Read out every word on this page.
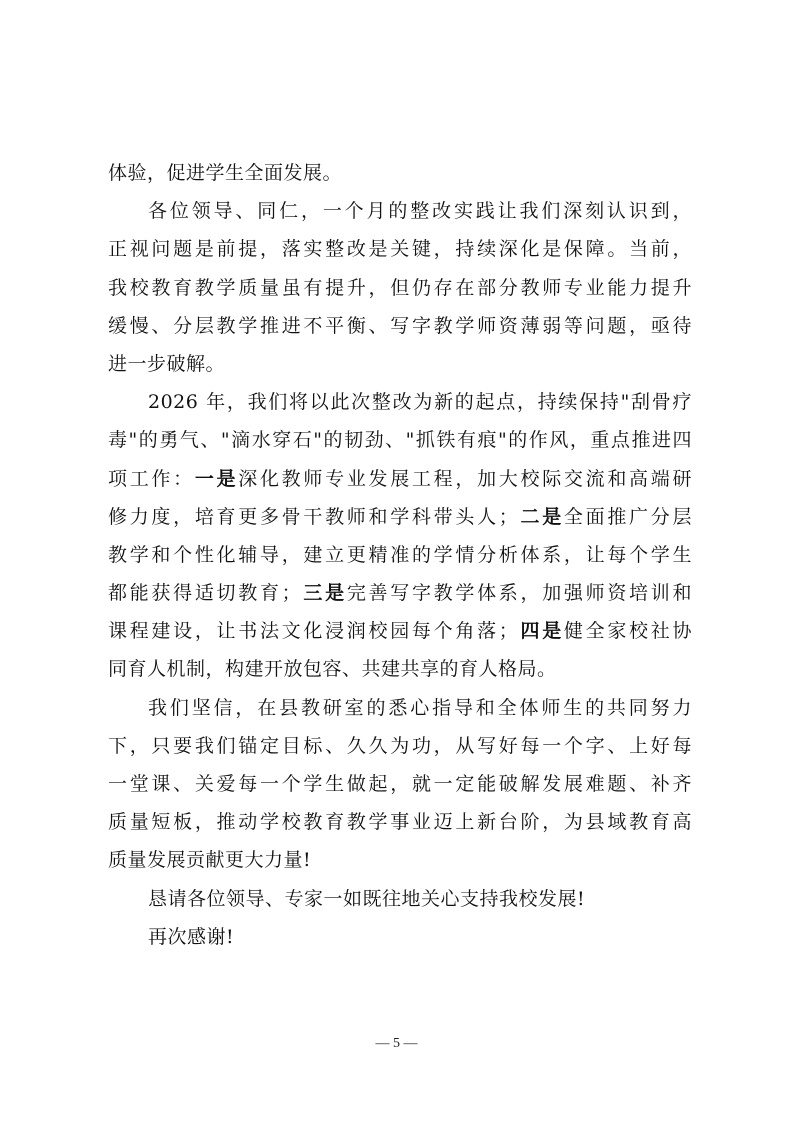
体验，促进学生全面发展。
各位领导、同仁，一个月的整改实践让我们深刻认识到，
正视问题是前提，落实整改是关键，持续深化是保障。当前，
我校教育教学质量虽有提升，但仍存在部分教师专业能力提升
缓慢、分层教学推进不平衡、写字教学师资薄弱等问题，亟待
进一步破解。
2026 年，我们将以此次整改为新的起点，持续保持"刮骨疗
毒"的勇气、"滴水穿石"的韧劲、"抓铁有痕"的作风，重点推进四
项工作：一是深化教师专业发展工程，加大校际交流和高端研
修力度，培育更多骨干教师和学科带头人；二是全面推广分层
教学和个性化辅导，建立更精准的学情分析体系，让每个学生
都能获得适切教育；三是完善写字教学体系，加强师资培训和
课程建设，让书法文化浸润校园每个角落；四是健全家校社协
同育人机制，构建开放包容、共建共享的育人格局。
我们坚信，在县教研室的悉心指导和全体师生的共同努力
下，只要我们锚定目标、久久为功，从写好每一个字、上好每
一堂课、关爱每一个学生做起，就一定能破解发展难题、补齐
质量短板，推动学校教育教学事业迈上新台阶，为县域教育高
质量发展贡献更大力量!
恳请各位领导、专家一如既往地关心支持我校发展!
再次感谢!
— 5 —
